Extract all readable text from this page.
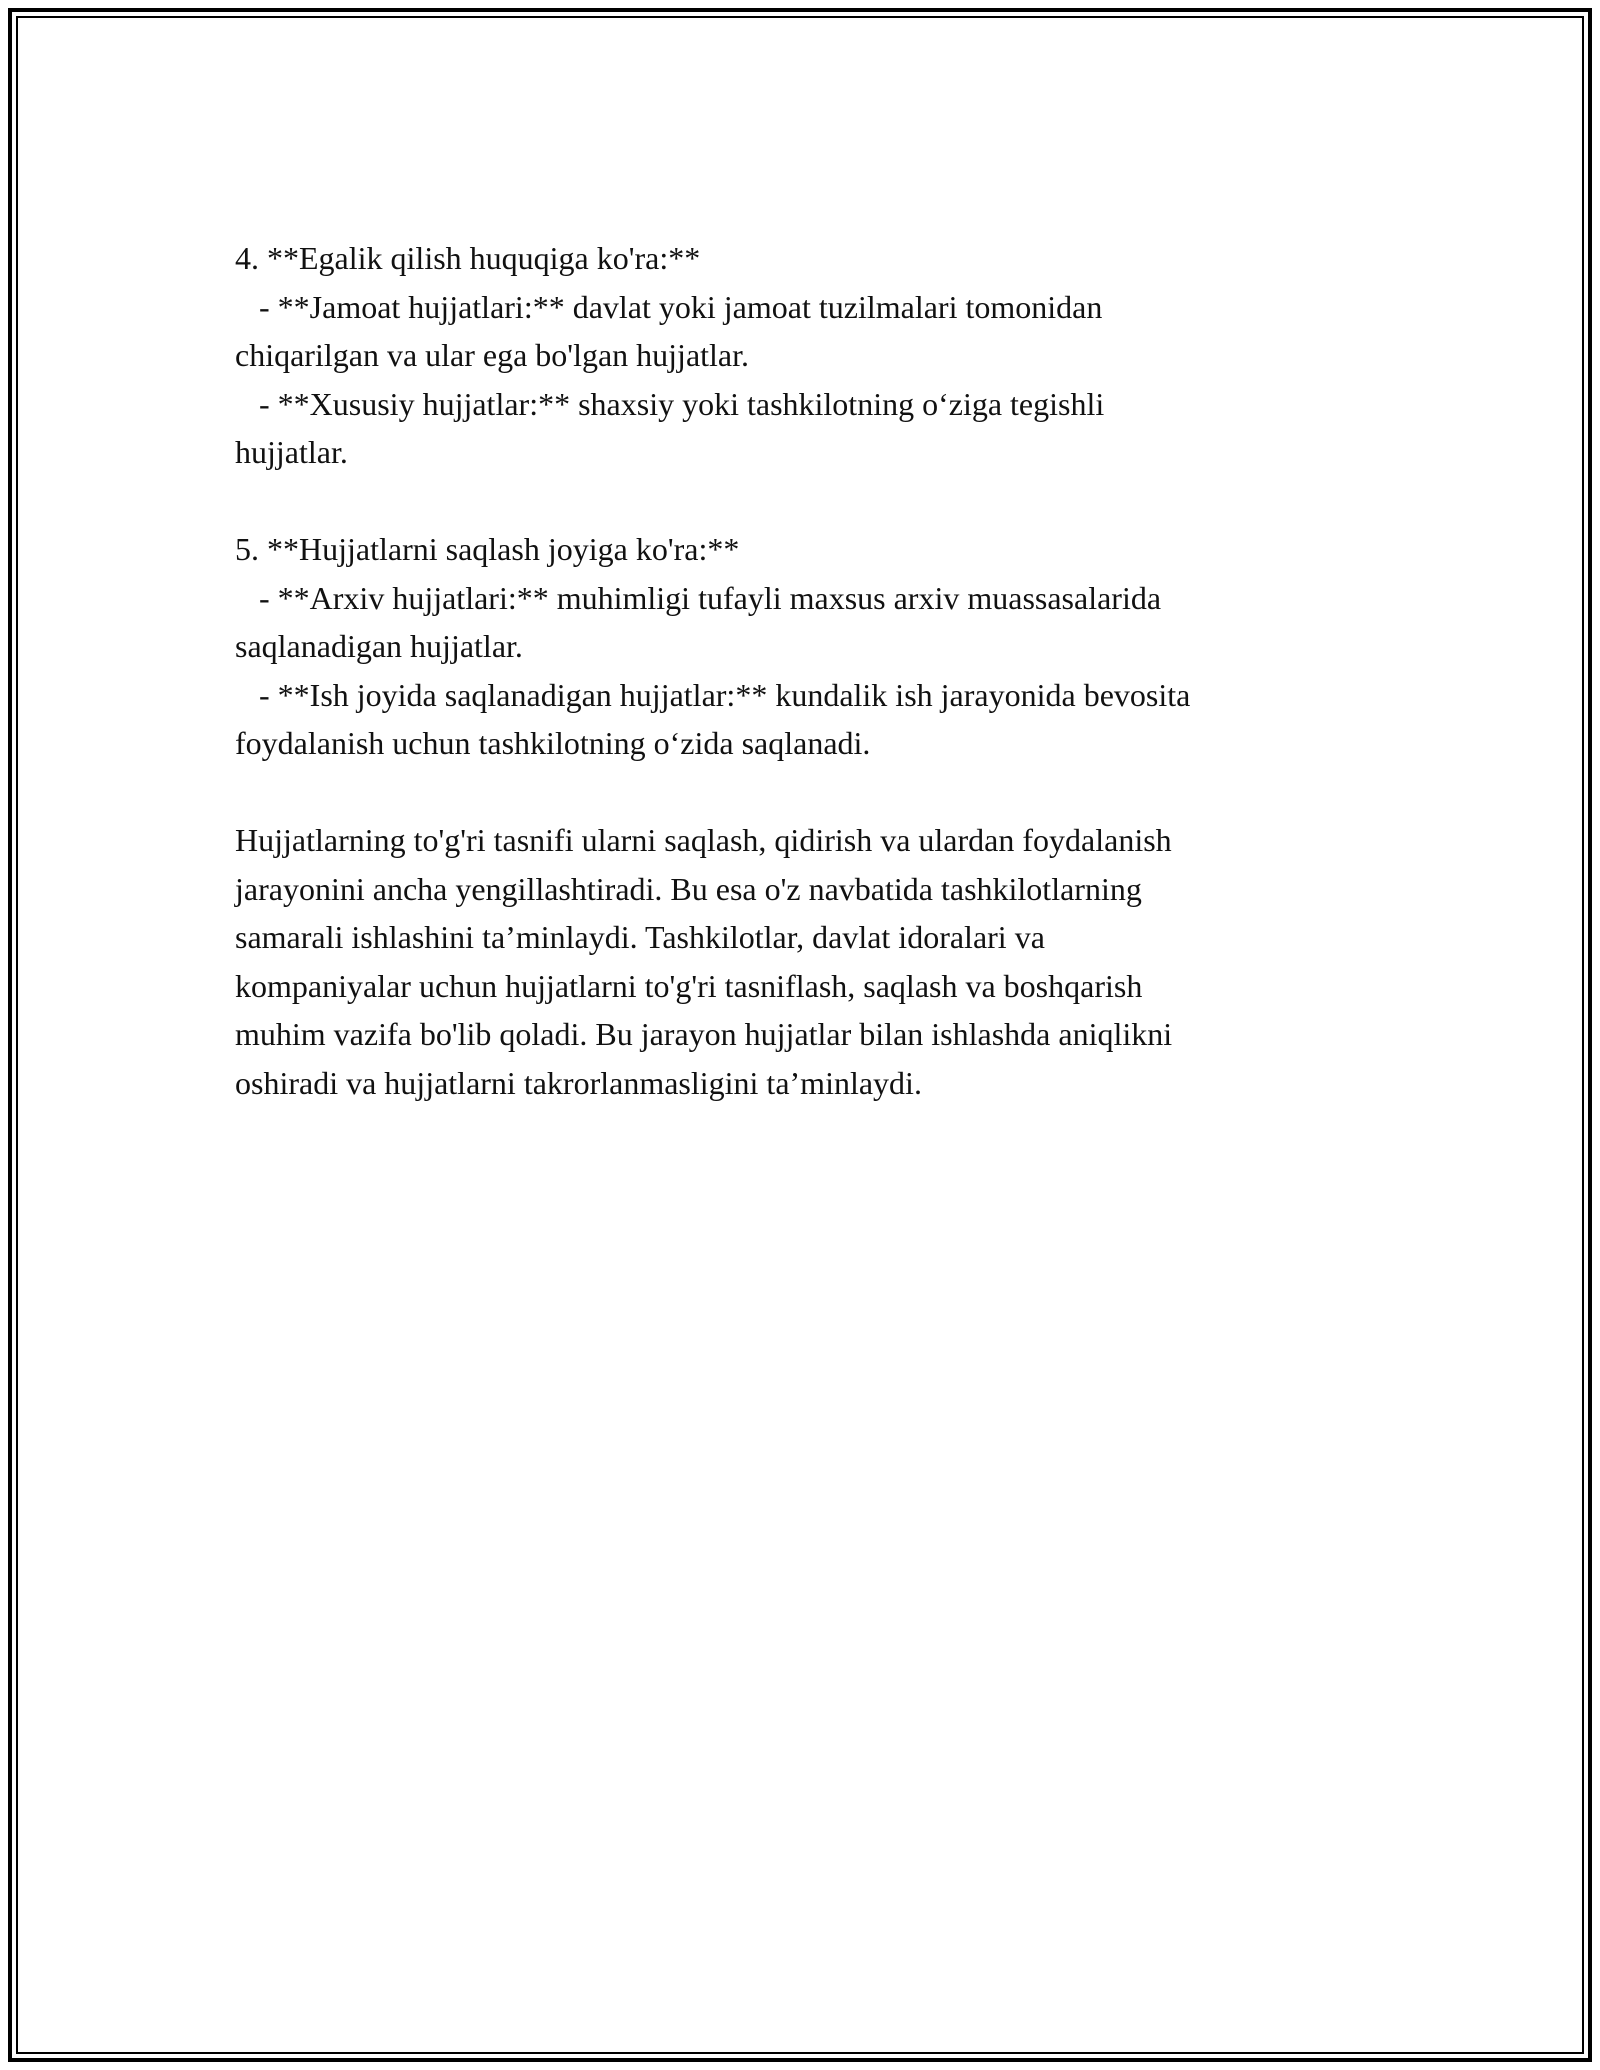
4. **Egalik qilish huquqiga ko'ra:**
- **Jamoat hujjatlari:** davlat yoki jamoat tuzilmalari tomonidan
chiqarilgan va ular ega bo'lgan hujjatlar.
- **Xususiy hujjatlar:** shaxsiy yoki tashkilotning o‘ziga tegishli
hujjatlar.
5. **Hujjatlarni saqlash joyiga ko'ra:**
- **Arxiv hujjatlari:** muhimligi tufayli maxsus arxiv muassasalarida
saqlanadigan hujjatlar.
- **Ish joyida saqlanadigan hujjatlar:** kundalik ish jarayonida bevosita
foydalanish uchun tashkilotning o‘zida saqlanadi.
Hujjatlarning to'g'ri tasnifi ularni saqlash, qidirish va ulardan foydalanish
jarayonini ancha yengillashtiradi. Bu esa o'z navbatida tashkilotlarning
samarali ishlashini ta’minlaydi. Tashkilotlar, davlat idoralari va
kompaniyalar uchun hujjatlarni to'g'ri tasniflash, saqlash va boshqarish
muhim vazifa bo'lib qoladi. Bu jarayon hujjatlar bilan ishlashda aniqlikni
oshiradi va hujjatlarni takrorlanmasligini ta’minlaydi.
